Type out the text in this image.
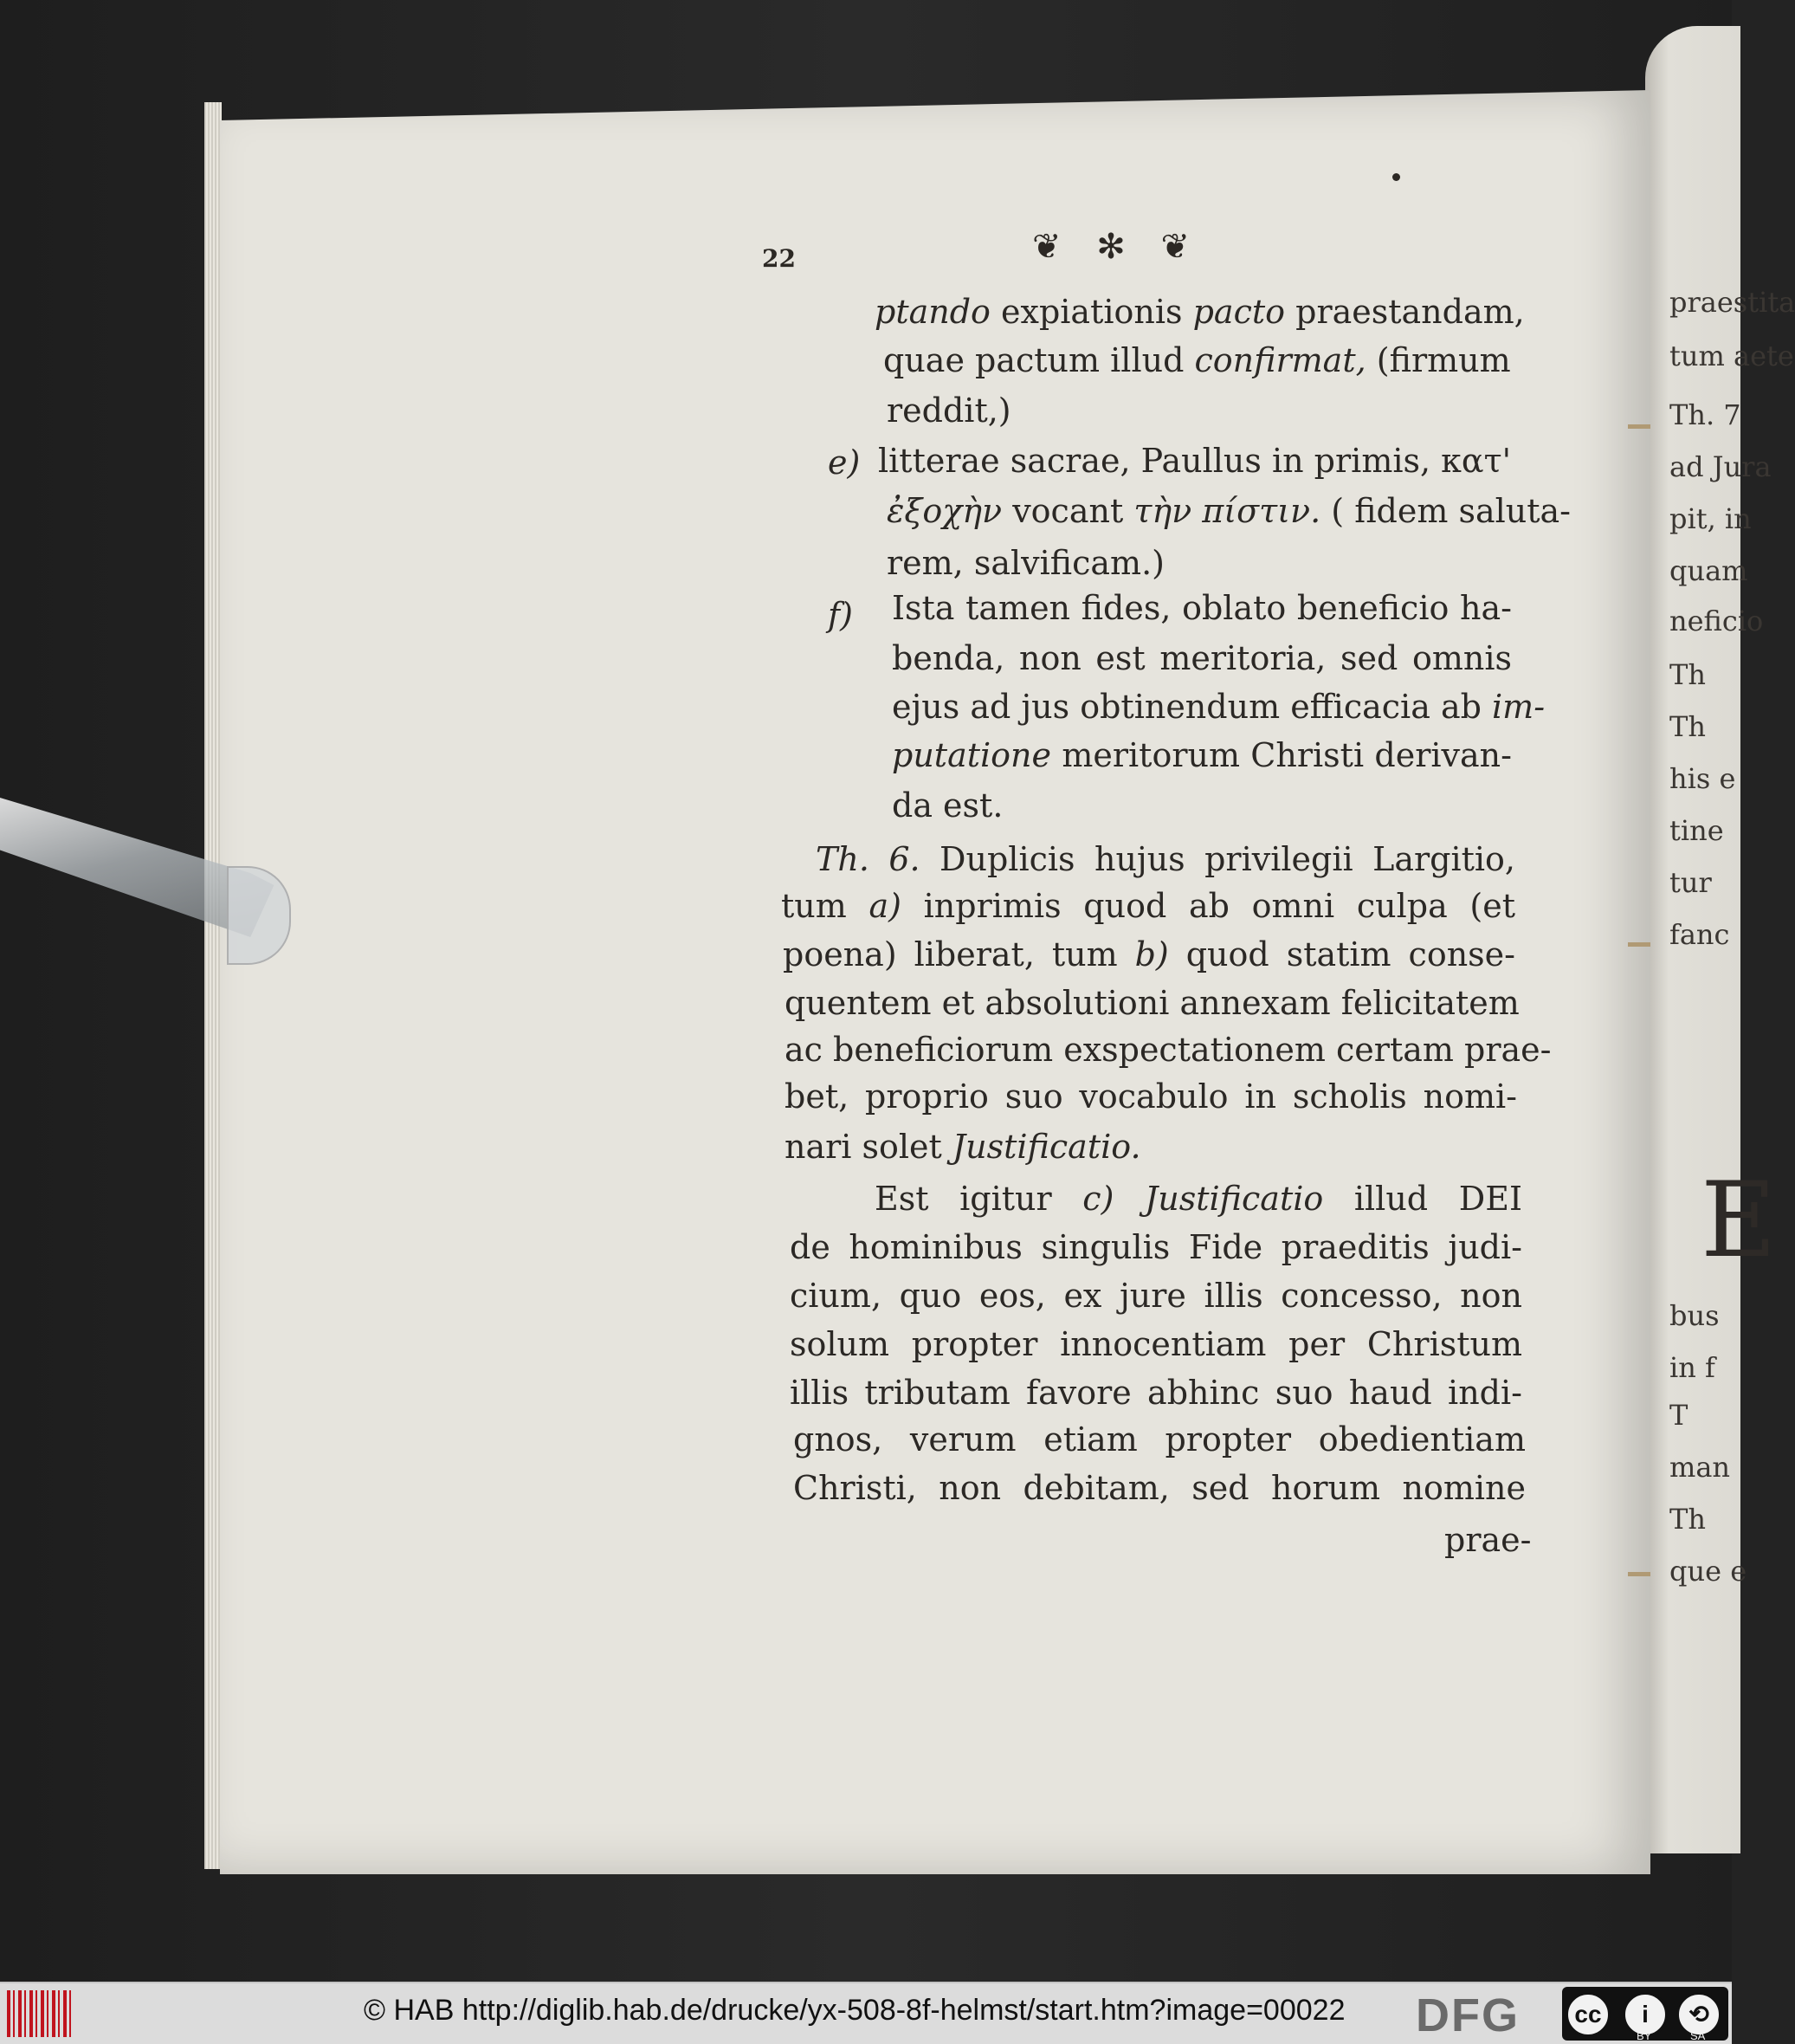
praestita
tum aete
Th. 7
ad Jura
pit, in
quam
neficio
Th
Th
his e
tine
tur
fanc
E
bus
in f
T
man
Th
que e
22	❦ ✻ ❦
ptando expiationis pacto praestandam,
quae pactum illud confirmat, (firmum
reddit,)
e) litterae sacrae, Paullus in primis, κατ'
ἐξοχὴν vocant τὴν πίστιν. ( fidem saluta-
rem, salvificam.)
f) Ista tamen fides, oblato beneficio ha-
benda, non est meritoria, sed omnis
ejus ad jus obtinendum efficacia ab im-
putatione meritorum Christi derivan-
da est.
Th. 6. Duplicis hujus privilegii Largitio,
tum a) inprimis quod ab omni culpa (et
poena) liberat, tum b) quod statim conse-
quentem et absolutioni annexam felicitatem
ac beneficiorum exspectationem certam prae-
bet, proprio suo vocabulo in scholis nomi-
nari solet Justificatio.
Est igitur c) Justificatio illud DEI
de hominibus singulis Fide praeditis judi-
cium, quo eos, ex jure illis concesso, non
solum propter innocentiam per Christum
illis tributam favore abhinc suo haud indi-
gnos, verum etiam propter obedientiam
Christi, non debitam, sed horum nomine
prae-
© HAB http://diglib.hab.de/drucke/yx-508-8f-helmst/start.htm?image=00022 DFG	cc	i	⟲
BY	SA
